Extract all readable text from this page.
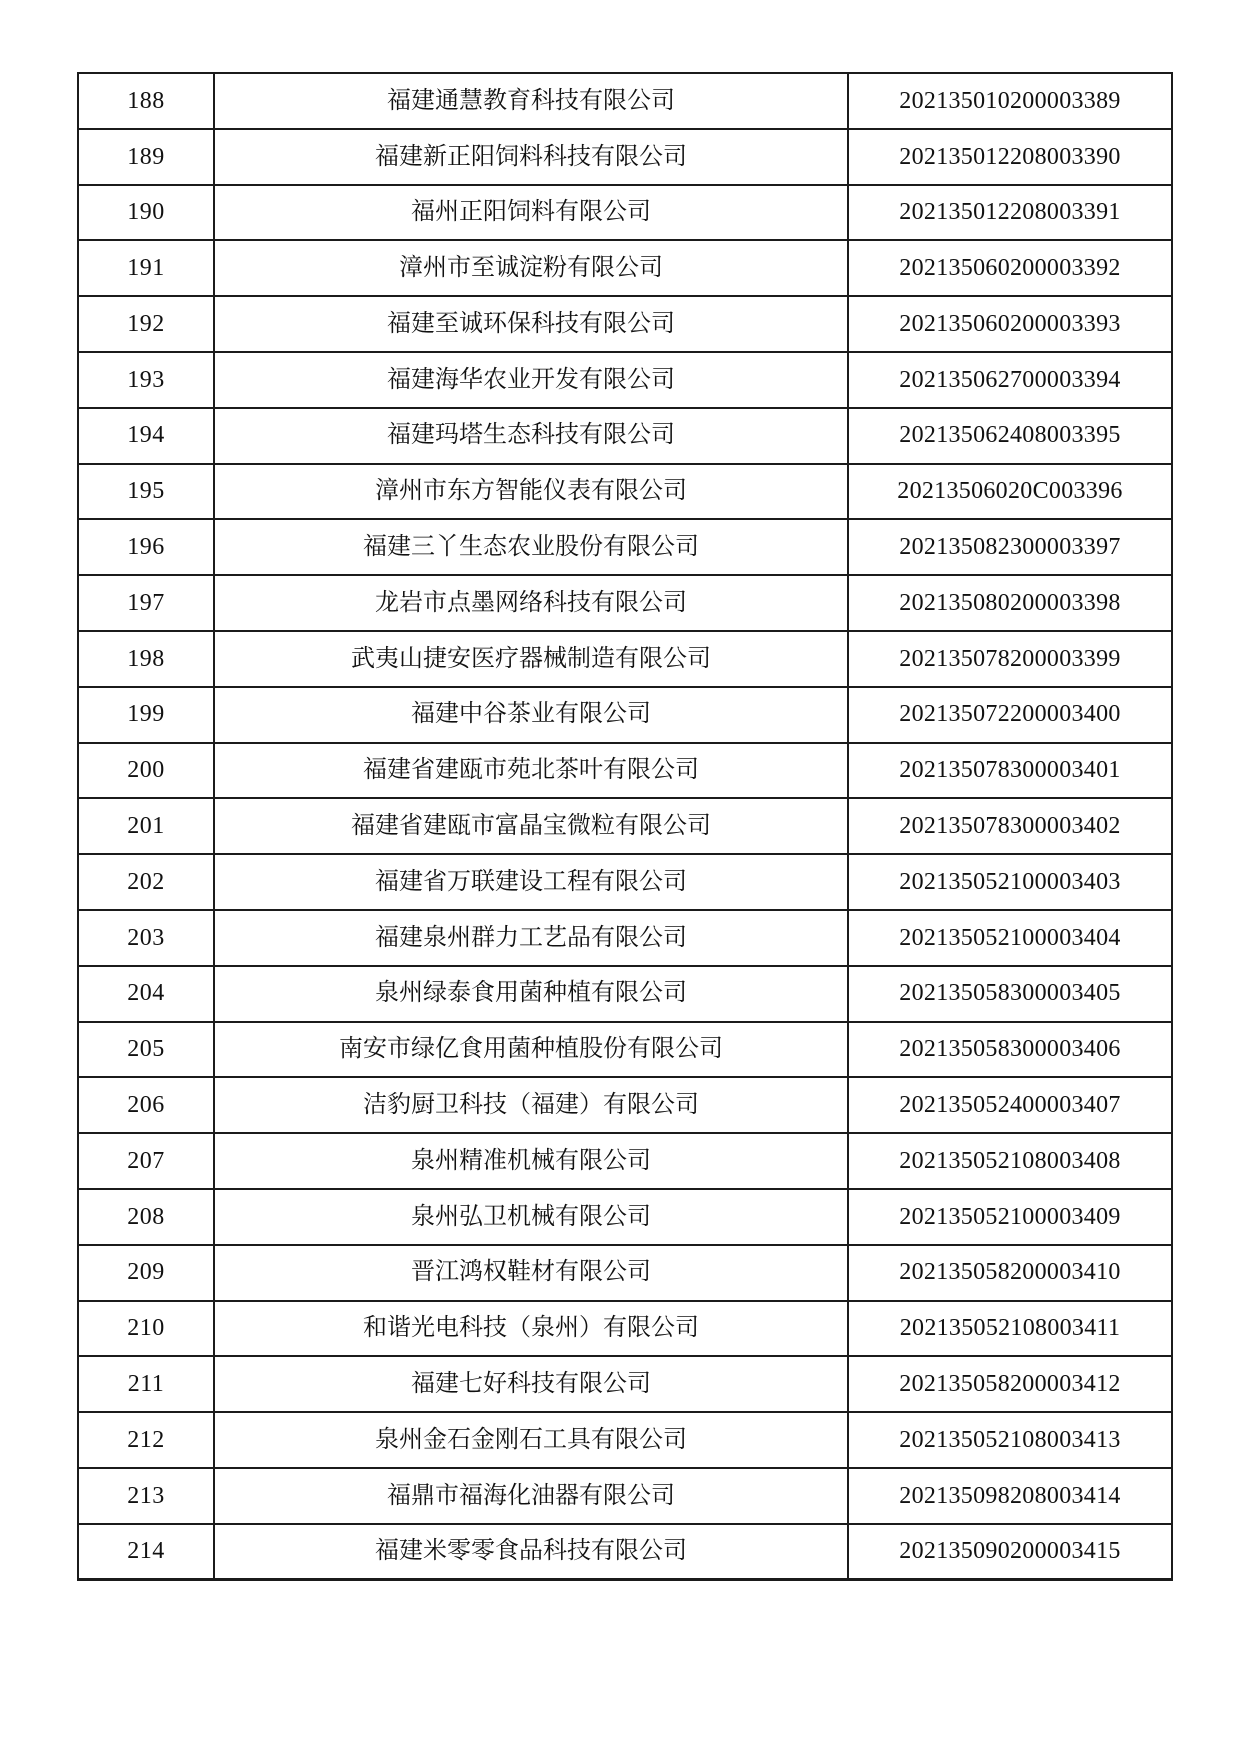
188	福建通慧教育科技有限公司	202135010200003389
189	福建新正阳饲料科技有限公司	202135012208003390
190	福州正阳饲料有限公司	202135012208003391
191	漳州市至诚淀粉有限公司	202135060200003392
192	福建至诚环保科技有限公司	202135060200003393
193	福建海华农业开发有限公司	202135062700003394
194	福建玛塔生态科技有限公司	202135062408003395
195	漳州市东方智能仪表有限公司	20213506020C003396
196	福建三丫生态农业股份有限公司	202135082300003397
197	龙岩市点墨网络科技有限公司	202135080200003398
198	武夷山捷安医疗器械制造有限公司	202135078200003399
199	福建中谷茶业有限公司	202135072200003400
200	福建省建瓯市苑北茶叶有限公司	202135078300003401
201	福建省建瓯市富晶宝微粒有限公司	202135078300003402
202	福建省万联建设工程有限公司	202135052100003403
203	福建泉州群力工艺品有限公司	202135052100003404
204	泉州绿泰食用菌种植有限公司	202135058300003405
205	南安市绿亿食用菌种植股份有限公司	202135058300003406
206	洁豹厨卫科技（福建）有限公司	202135052400003407
207	泉州精准机械有限公司	202135052108003408
208	泉州弘卫机械有限公司	202135052100003409
209	晋江鸿权鞋材有限公司	202135058200003410
210	和谐光电科技（泉州）有限公司	202135052108003411
211	福建七好科技有限公司	202135058200003412
212	泉州金石金刚石工具有限公司	202135052108003413
213	福鼎市福海化油器有限公司	202135098208003414
214	福建米零零食品科技有限公司	202135090200003415
